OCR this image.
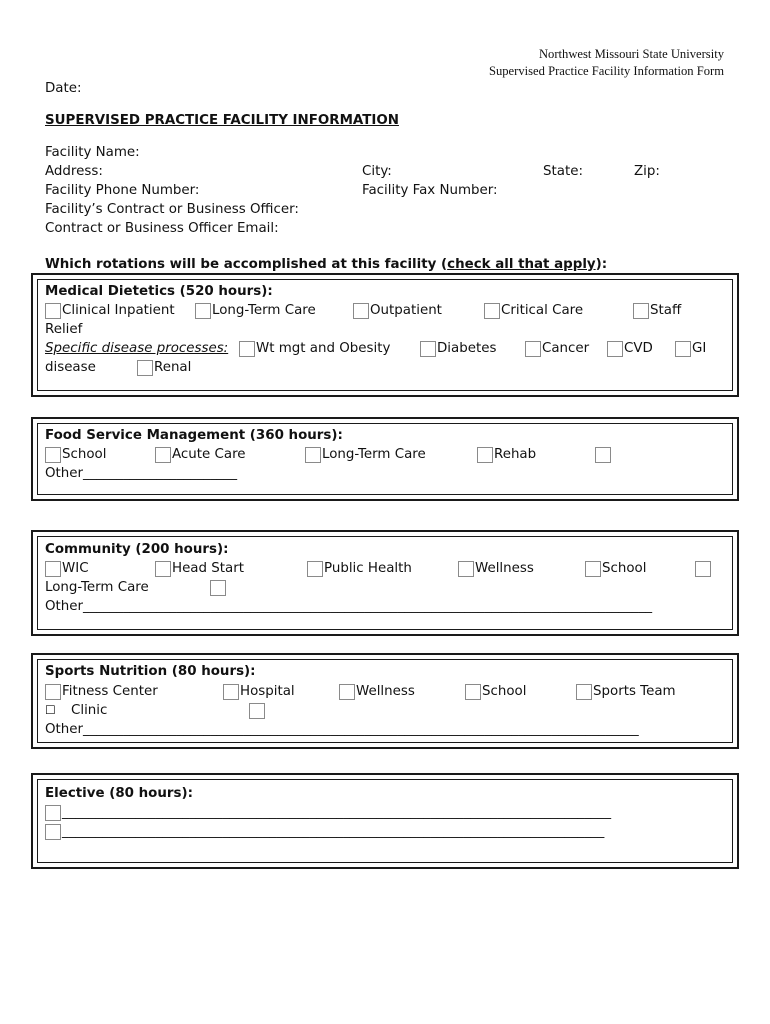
Northwest Missouri State University
Supervised Practice Facility Information Form
Date:
SUPERVISED PRACTICE FACILITY INFORMATION
Facility Name:
Address:	City:	State:	Zip:
Facility Phone Number:	Facility Fax Number:
Facility’s Contract or Business Officer:
Contract or Business Officer Email:
Which rotations will be accomplished at this facility (check all that apply):
Medical Dietetics (520 hours):
Clinical Inpatient	Long-Term Care	Outpatient	Critical Care	Staff
Relief
Specific disease processes: Wt mgt and Obesity	Diabetes	Cancer	CVD	GI
disease	Renal
Food Service Management (360 hours):
School	Acute Care	Long-Term Care	Rehab
Other_______________________
Community (200 hours):
WIC	Head Start	Public Health	Wellness	School
Long-Term Care
Other_____________________________________________________________________________________
Sports Nutrition (80 hours):
Fitness Center	Hospital	Wellness	School	Sports Team
☐ Clinic
Other___________________________________________________________________________________
Elective (80 hours):
__________________________________________________________________________________
_________________________________________________________________________________
